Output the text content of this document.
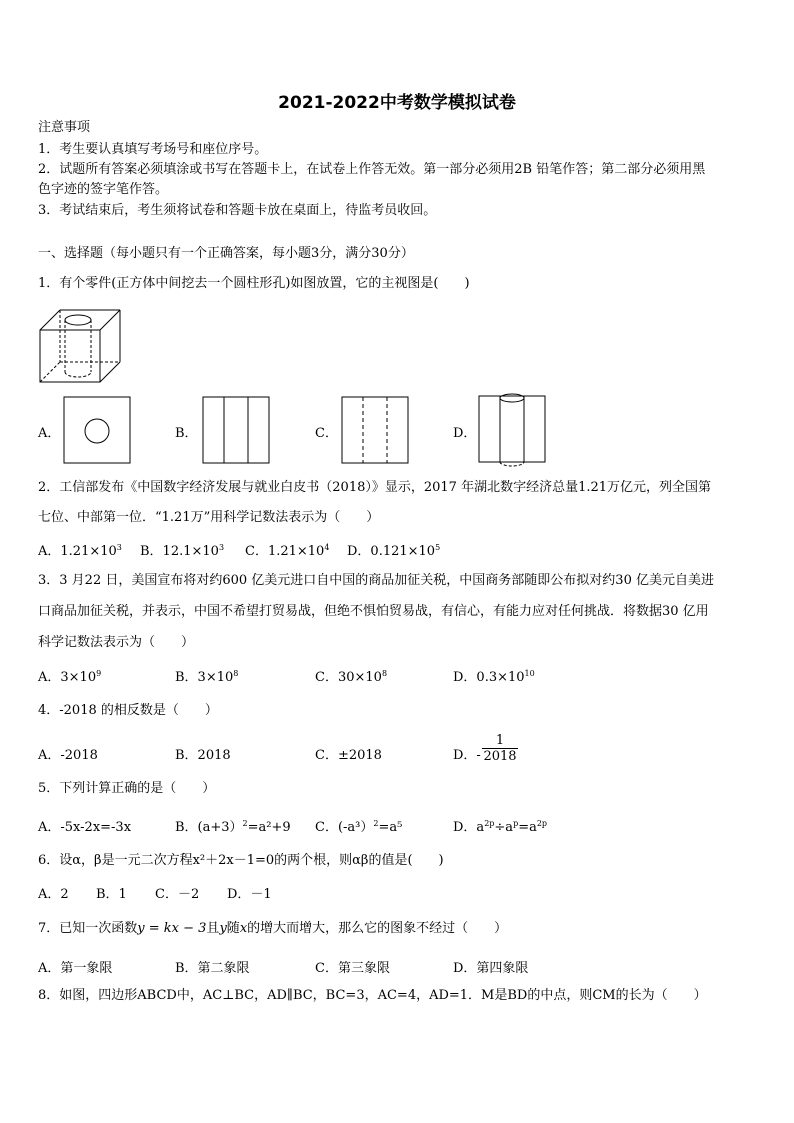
2021-2022中考数学模拟试卷
注意事项
1．考生要认真填写考场号和座位序号。
2．试题所有答案必须填涂或书写在答题卡上，在试卷上作答无效。第一部分必须用2B 铅笔作答；第二部分必须用黑
色字迹的签字笔作答。
3．考试结束后，考生须将试卷和答题卡放在桌面上，待监考员收回。
一、选择题（每小题只有一个正确答案，每小题3分，满分30分）
1．有个零件(正方体中间挖去一个圆柱形孔)如图放置，它的主视图是(　　)
A．	B．	C．	D．
2．工信部发布《中国数字经济发展与就业白皮书（2018）》显示，2017 年湖北数字经济总量1.21万亿元，列全国第
七位、中部第一位．“1.21万”用科学记数法表示为（　　）
A．$1.21\times 10^3$ B．$12.1\times 10^3$ C．$1.21\times 10^4$ D．$0.121\times 10^5$
3．3 月22 日，美国宣布将对约600 亿美元进口自中国的商品加征关税，中国商务部随即公布拟对约30 亿美元自美进
口商品加征关税，并表示，中国不希望打贸易战，但绝不惧怕贸易战，有信心，有能力应对任何挑战．将数据30 亿用
科学记数法表示为（　　）
A．$3\times 10^9$	B．$3\times 10^8$	C．$30\times 10^8$	D．$0.3\times 10^{10}$
4．-2018 的相反数是（　　）
A．-2018	B．2018	C．±2018	D．- $\frac{1}{2018}$
5．下列计算正确的是（　　）
A．-5x-2x=-3x	B．(a+3）$^2$=a²+9 C．(-a³）$^2$=a⁵	D．$a^{2p}\div a^p=a^{2p}$
6．设α，β是一元二次方程x²＋2x－1=0的两个根，则αβ的值是(　　)
A．2 B．1 C．－2 D．－1
7．已知一次函数y = kx − 3且y随x的增大而增大，那么它的图象不经过（　　）
A．第一象限	B．第二象限	C．第三象限	D．第四象限
8．如图，四边形ABCD中，AC⊥BC，AD∥BC，BC=3，AC=4，AD=1．M是BD的中点，则CM的长为（　　）
